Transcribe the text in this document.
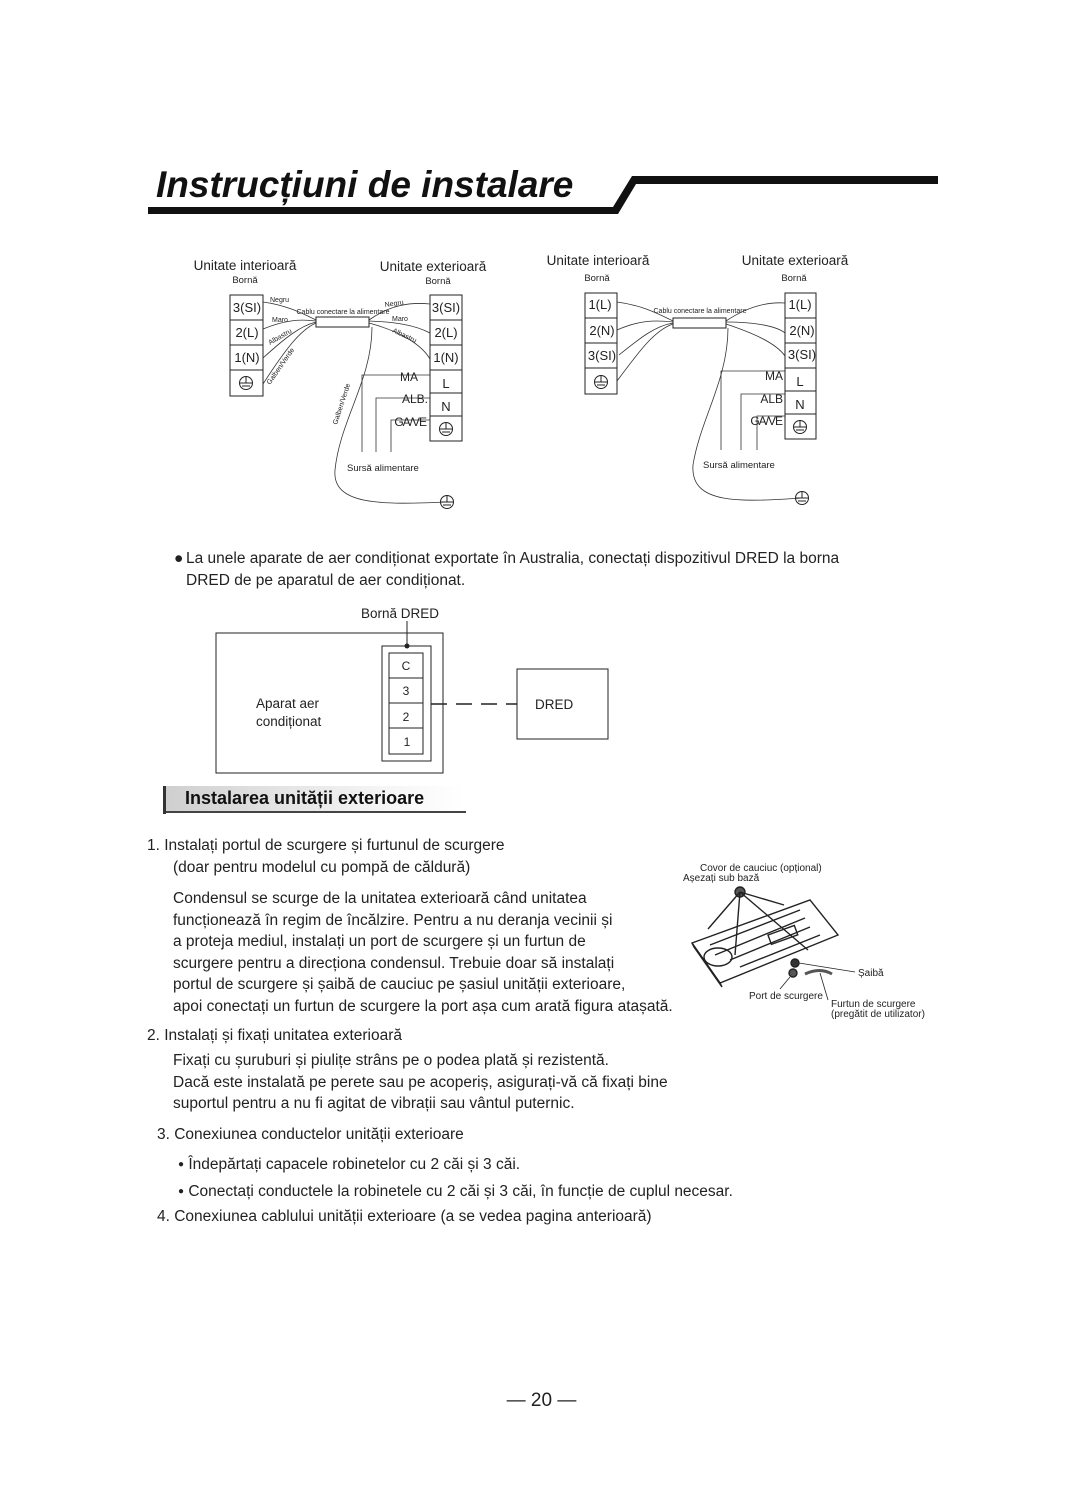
Instrucțiuni de instalare
Unitate interioară
Bornă
Unitate exterioară
Bornă
3(SI)
2(L)
1(N)
Cablu conectare la alimentare
Negru
Maro
Albastru
Galben/Verde
Negru
Maro
Albastru
Galben/Verde
3(SI)
2(L)
1(N)
L
N
MA
ALB.
GA/VE
Sursă alimentare
Unitate interioară
Bornă
Unitate exterioară
Bornă
1(L)
2(N)
3(SI)
Cablu conectare la alimentare	1(L)
2(N)
3(SI)
L
N
MA
ALB
GA/VE
Sursă alimentare
● La unele aparate de aer condiționat exportate în Australia, conectați dispozitivul DRED la borna
DRED de pe aparatul de aer condiționat.
Bornă DRED
C
3
2
1
Aparat aer
condiționat
DRED
Instalarea unității exterioare
1. Instalați portul de scurgere și furtunul de scurgere
(doar pentru modelul cu pompă de căldură)
Condensul se scurge de la unitatea exterioară când unitatea
funcționează în regim de încălzire. Pentru a nu deranja vecinii și
a proteja mediul, instalați un port de scurgere și un furtun de
scurgere pentru a direcționa condensul. Trebuie doar să instalați
portul de scurgere și șaibă de cauciuc pe șasiul unității exterioare,
apoi conectați un furtun de scurgere la port așa cum arată figura atașată.
Covor de cauciuc (opțional)
Așezați sub bază
Șaibă
Port de scurgere
Furtun de scurgere
(pregătit de utilizator)
2. Instalați și fixați unitatea exterioară
Fixați cu șuruburi și piulițe strâns pe o podea plată și rezistentă.
Dacă este instalată pe perete sau pe acoperiș, asigurați-vă că fixați bine
suportul pentru a nu fi agitat de vibrații sau vântul puternic.
3. Conexiunea conductelor unității exterioare
● Îndepărtați capacele robinetelor cu 2 căi și 3 căi.
● Conectați conductele la robinetele cu 2 căi și 3 căi, în funcție de cuplul necesar.
4. Conexiunea cablului unității exterioare (a se vedea pagina anterioară)
— 20 —
